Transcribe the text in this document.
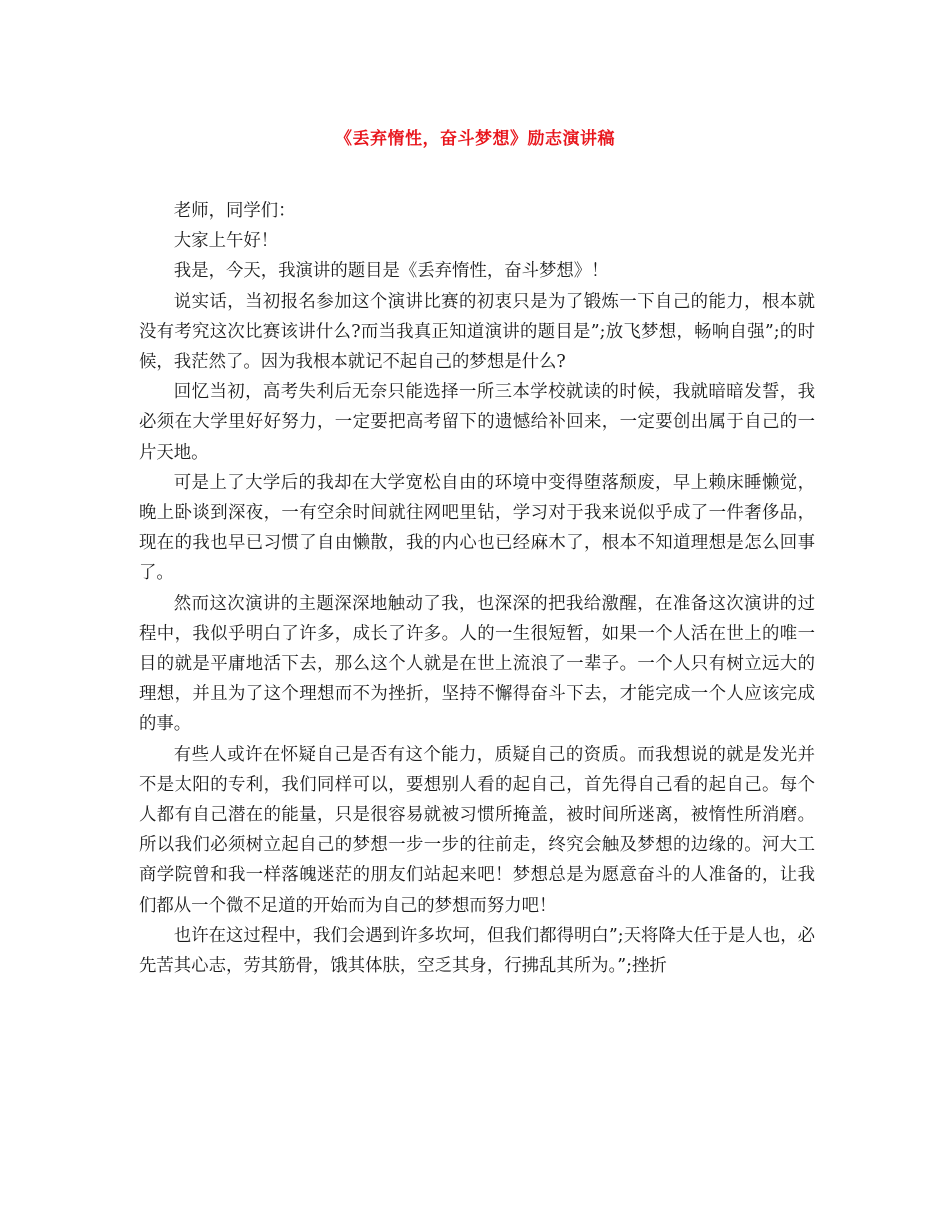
《丢弃惰性，奋斗梦想》励志演讲稿

老师，同学们：

大家上午好！

我是，今天，我演讲的题目是《丢弃惰性，奋斗梦想》！

说实话，当初报名参加这个演讲比赛的初衷只是为了锻炼一下自己的能力，根本就没有考究这次比赛该讲什么?而当我真正知道演讲的题目是”;放飞梦想，畅响自强”;的时候，我茫然了。因为我根本就记不起自己的梦想是什么?

回忆当初，高考失利后无奈只能选择一所三本学校就读的时候，我就暗暗发誓，我必须在大学里好好努力，一定要把高考留下的遗憾给补回来，一定要创出属于自己的一片天地。

可是上了大学后的我却在大学宽松自由的环境中变得堕落颓废，早上赖床睡懒觉，晚上卧谈到深夜，一有空余时间就往网吧里钻，学习对于我来说似乎成了一件奢侈品，现在的我也早已习惯了自由懒散，我的内心也已经麻木了，根本不知道理想是怎么回事了。

然而这次演讲的主题深深地触动了我，也深深的把我给激醒，在准备这次演讲的过程中，我似乎明白了许多，成长了许多。人的一生很短暂，如果一个人活在世上的唯一目的就是平庸地活下去，那么这个人就是在世上流浪了一辈子。一个人只有树立远大的理想，并且为了这个理想而不为挫折，坚持不懈得奋斗下去，才能完成一个人应该完成的事。

有些人或许在怀疑自己是否有这个能力，质疑自己的资质。而我想说的就是发光并不是太阳的专利，我们同样可以，要想别人看的起自己，首先得自己看的起自己。每个人都有自己潜在的能量，只是很容易就被习惯所掩盖，被时间所迷离，被惰性所消磨。所以我们必须树立起自己的梦想一步一步的往前走，终究会触及梦想的边缘的。河大工商学院曾和我一样落魄迷茫的朋友们站起来吧！梦想总是为愿意奋斗的人准备的，让我们都从一个微不足道的开始而为自己的梦想而努力吧！

也许在这过程中，我们会遇到许多坎坷，但我们都得明白”;天将降大任于是人也，必先苦其心志，劳其筋骨，饿其体肤，空乏其身，行拂乱其所为。”;挫折
